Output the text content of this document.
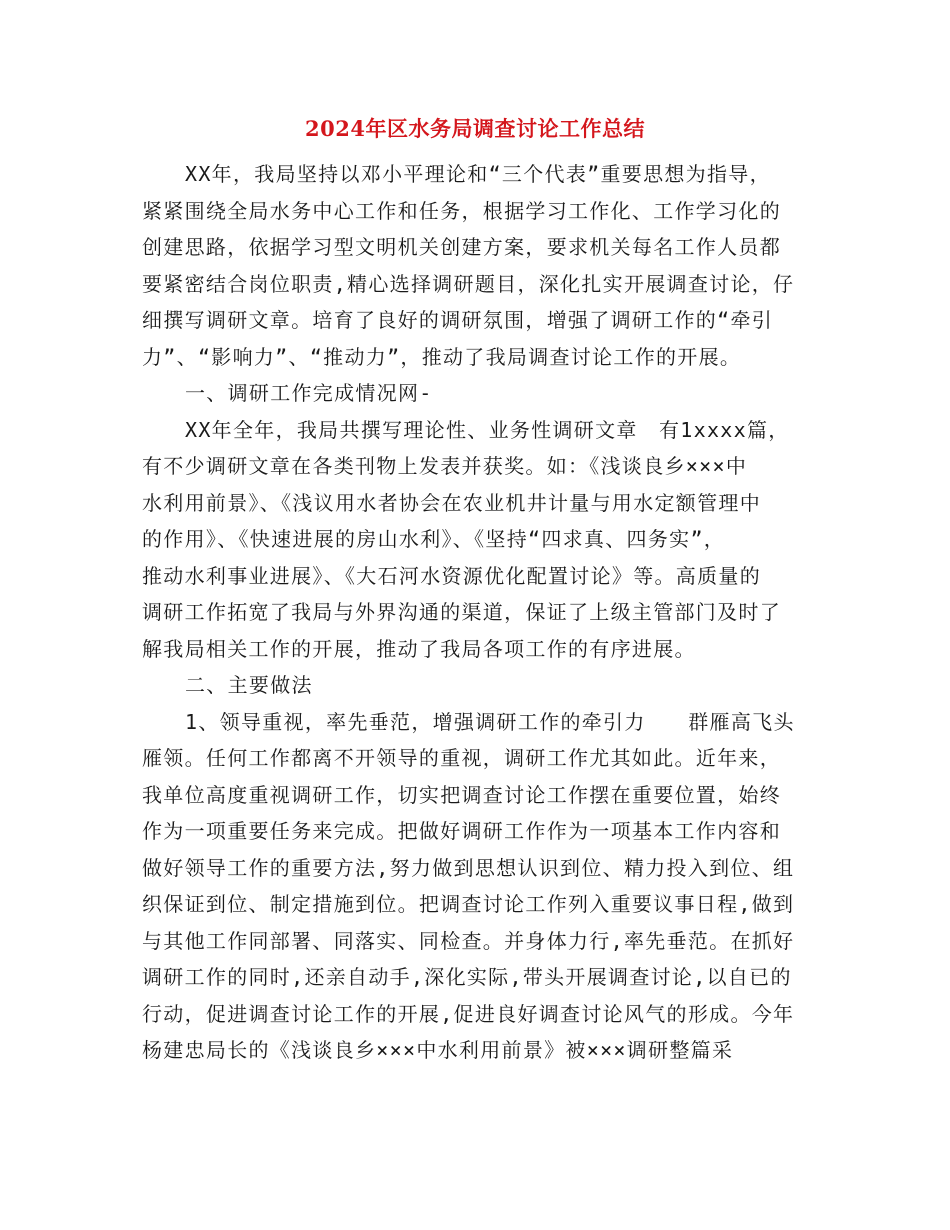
2024年区水务局调查讨论工作总结
XX年，我局坚持以邓小平理论和“三个代表”重要思想为指导，
紧紧围绕全局水务中心工作和任务，根据学习工作化、工作学习化的
创建思路，依据学习型文明机关创建方案，要求机关每名工作人员都
要紧密结合岗位职责,精心选择调研题目，深化扎实开展调查讨论，仔
细撰写调研文章。培育了良好的调研氛围，增强了调研工作的“牵引
力”、“影响力”、“推动力”，推动了我局调查讨论工作的开展。
一、调研工作完成情况网-
XX年全年，我局共撰写理论性、业务性调研文章　有1xxxx篇，
有不少调研文章在各类刊物上发表并获奖。如：《浅谈良乡×××中
水利用前景》、《浅议用水者协会在农业机井计量与用水定额管理中
的作用》、《快速进展的房山水利》、《坚持“四求真、四务实”，
推动水利事业进展》、《大石河水资源优化配置讨论》等。高质量的
调研工作拓宽了我局与外界沟通的渠道，保证了上级主管部门及时了
解我局相关工作的开展，推动了我局各项工作的有序进展。
二、主要做法
1、领导重视，率先垂范，增强调研工作的牵引力　　群雁高飞头
雁领。任何工作都离不开领导的重视，调研工作尤其如此。近年来，
我单位高度重视调研工作，切实把调查讨论工作摆在重要位置，始终
作为一项重要任务来完成。把做好调研工作作为一项基本工作内容和
做好领导工作的重要方法,努力做到思想认识到位、精力投入到位、组
织保证到位、制定措施到位。把调查讨论工作列入重要议事日程,做到
与其他工作同部署、同落实、同检查。并身体力行,率先垂范。在抓好
调研工作的同时,还亲自动手,深化实际,带头开展调查讨论,以自已的
行动，促进调查讨论工作的开展,促进良好调查讨论风气的形成。今年
杨建忠局长的《浅谈良乡×××中水利用前景》被×××调研整篇采
